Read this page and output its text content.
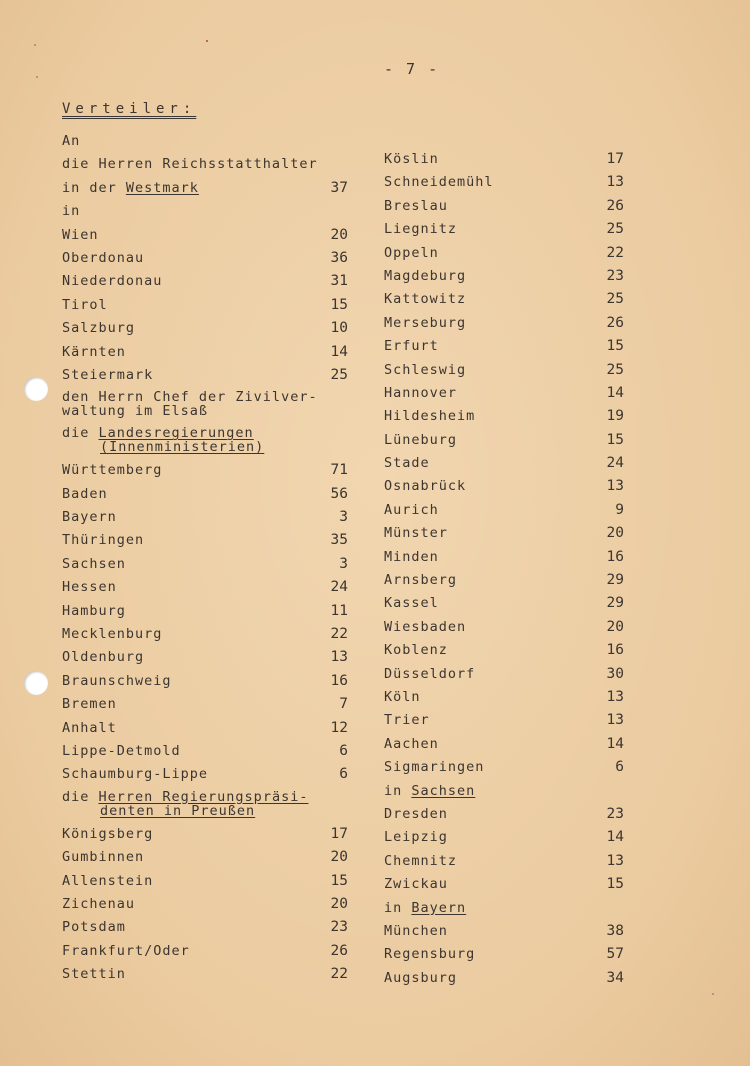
- 7 -
Verteiler:
An
die Herren Reichsstatthalter
in der Westmark	37
in
Wien	20
Oberdonau	36
Niederdonau	31
Tirol	15
Salzburg	10
Kärnten	14
Steiermark	25
den Herrn Chef der Zivilver-
waltung im Elsaß
die Landesregierungen
(Innenministerien)
Württemberg	71
Baden	56
Bayern	3
Thüringen	35
Sachsen	3
Hessen	24
Hamburg	11
Mecklenburg	22
Oldenburg	13
Braunschweig	16
Bremen	7
Anhalt	12
Lippe-Detmold	6
Schaumburg-Lippe	6
die Herren Regierungspräsi-
denten in Preußen
Königsberg	17
Gumbinnen	20
Allenstein	15
Zichenau	20
Potsdam	23
Frankfurt/Oder	26
Stettin	22
Köslin	17
Schneidemühl	13
Breslau	26
Liegnitz	25
Oppeln	22
Magdeburg	23
Kattowitz	25
Merseburg	26
Erfurt	15
Schleswig	25
Hannover	14
Hildesheim	19
Lüneburg	15
Stade	24
Osnabrück	13
Aurich	9
Münster	20
Minden	16
Arnsberg	29
Kassel	29
Wiesbaden	20
Koblenz	16
Düsseldorf	30
Köln	13
Trier	13
Aachen	14
Sigmaringen	6
in Sachsen
Dresden	23
Leipzig	14
Chemnitz	13
Zwickau	15
in Bayern
München	38
Regensburg	57
Augsburg	34
